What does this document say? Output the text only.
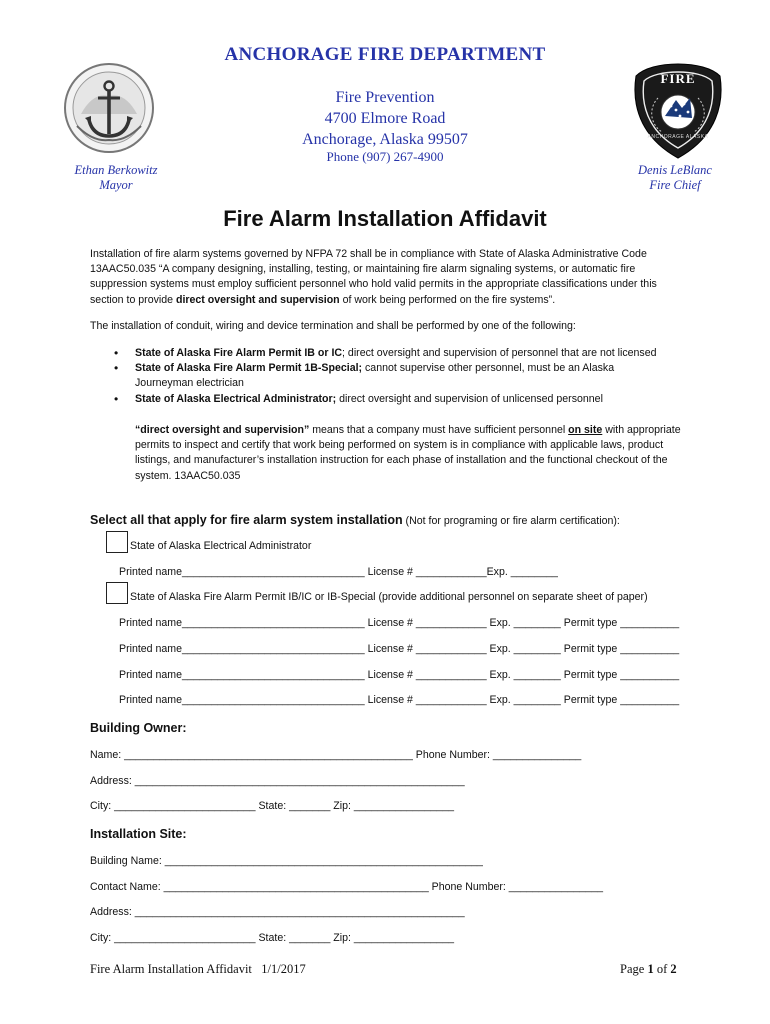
FIRE
ANCHORAGE ALASKA
ANCHORAGE FIRE DEPARTMENT
Fire Prevention
4700 Elmore Road
Anchorage, Alaska 99507
Phone (907) 267-4900
Ethan Berkowitz
Mayor
Denis LeBlanc
Fire Chief
Fire Alarm Installation Affidavit
Installation of fire alarm systems governed by NFPA 72 shall be in compliance with State of Alaska Administrative Code
13AAC50.035 “A company designing, installing, testing, or maintaining fire alarm signaling systems, or automatic fire
suppression systems must employ sufficient personnel who hold valid permits in the appropriate classifications under this
section to provide direct oversight and supervision of work being performed on the fire systems”.
The installation of conduit, wiring and device termination and shall be performed by one of the following:
• State of Alaska Fire Alarm Permit IB or IC; direct oversight and supervision of personnel that are not licensed
• State of Alaska Fire Alarm Permit 1B-Special; cannot supervise other personnel, must be an Alaska Journeyman electrician
• State of Alaska Electrical Administrator; direct oversight and supervision of unlicensed personnel
“direct oversight and supervision” means that a company must have sufficient personnel on site with appropriate
permits to inspect and certify that work being performed on system is in compliance with applicable laws, product
listings, and manufacturer’s installation instruction for each phase of installation and the functional checkout of the
system. 13AAC50.035
Select all that apply for fire alarm system installation (Not for programing or fire alarm certification):
State of Alaska Electrical Administrator
Printed name_______________________________ License # ____________Exp. ________
State of Alaska Fire Alarm Permit IB/IC or IB-Special (provide additional personnel on separate sheet of paper)
Printed name_______________________________ License # ____________ Exp. ________ Permit type __________
Printed name_______________________________ License # ____________ Exp. ________ Permit type __________
Printed name_______________________________ License # ____________ Exp. ________ Permit type __________
Printed name_______________________________ License # ____________ Exp. ________ Permit type __________
Building Owner:
Name: _________________________________________________ Phone Number: _______________
Address: ________________________________________________________
City: ________________________ State: _______ Zip: _________________
Installation Site:
Building Name: ______________________________________________________
Contact Name: _____________________________________________ Phone Number: ________________
Address: ________________________________________________________
City: ________________________ State: _______ Zip: _________________
Fire Alarm Installation Affidavit   1/1/2017	Page 1 of 2
